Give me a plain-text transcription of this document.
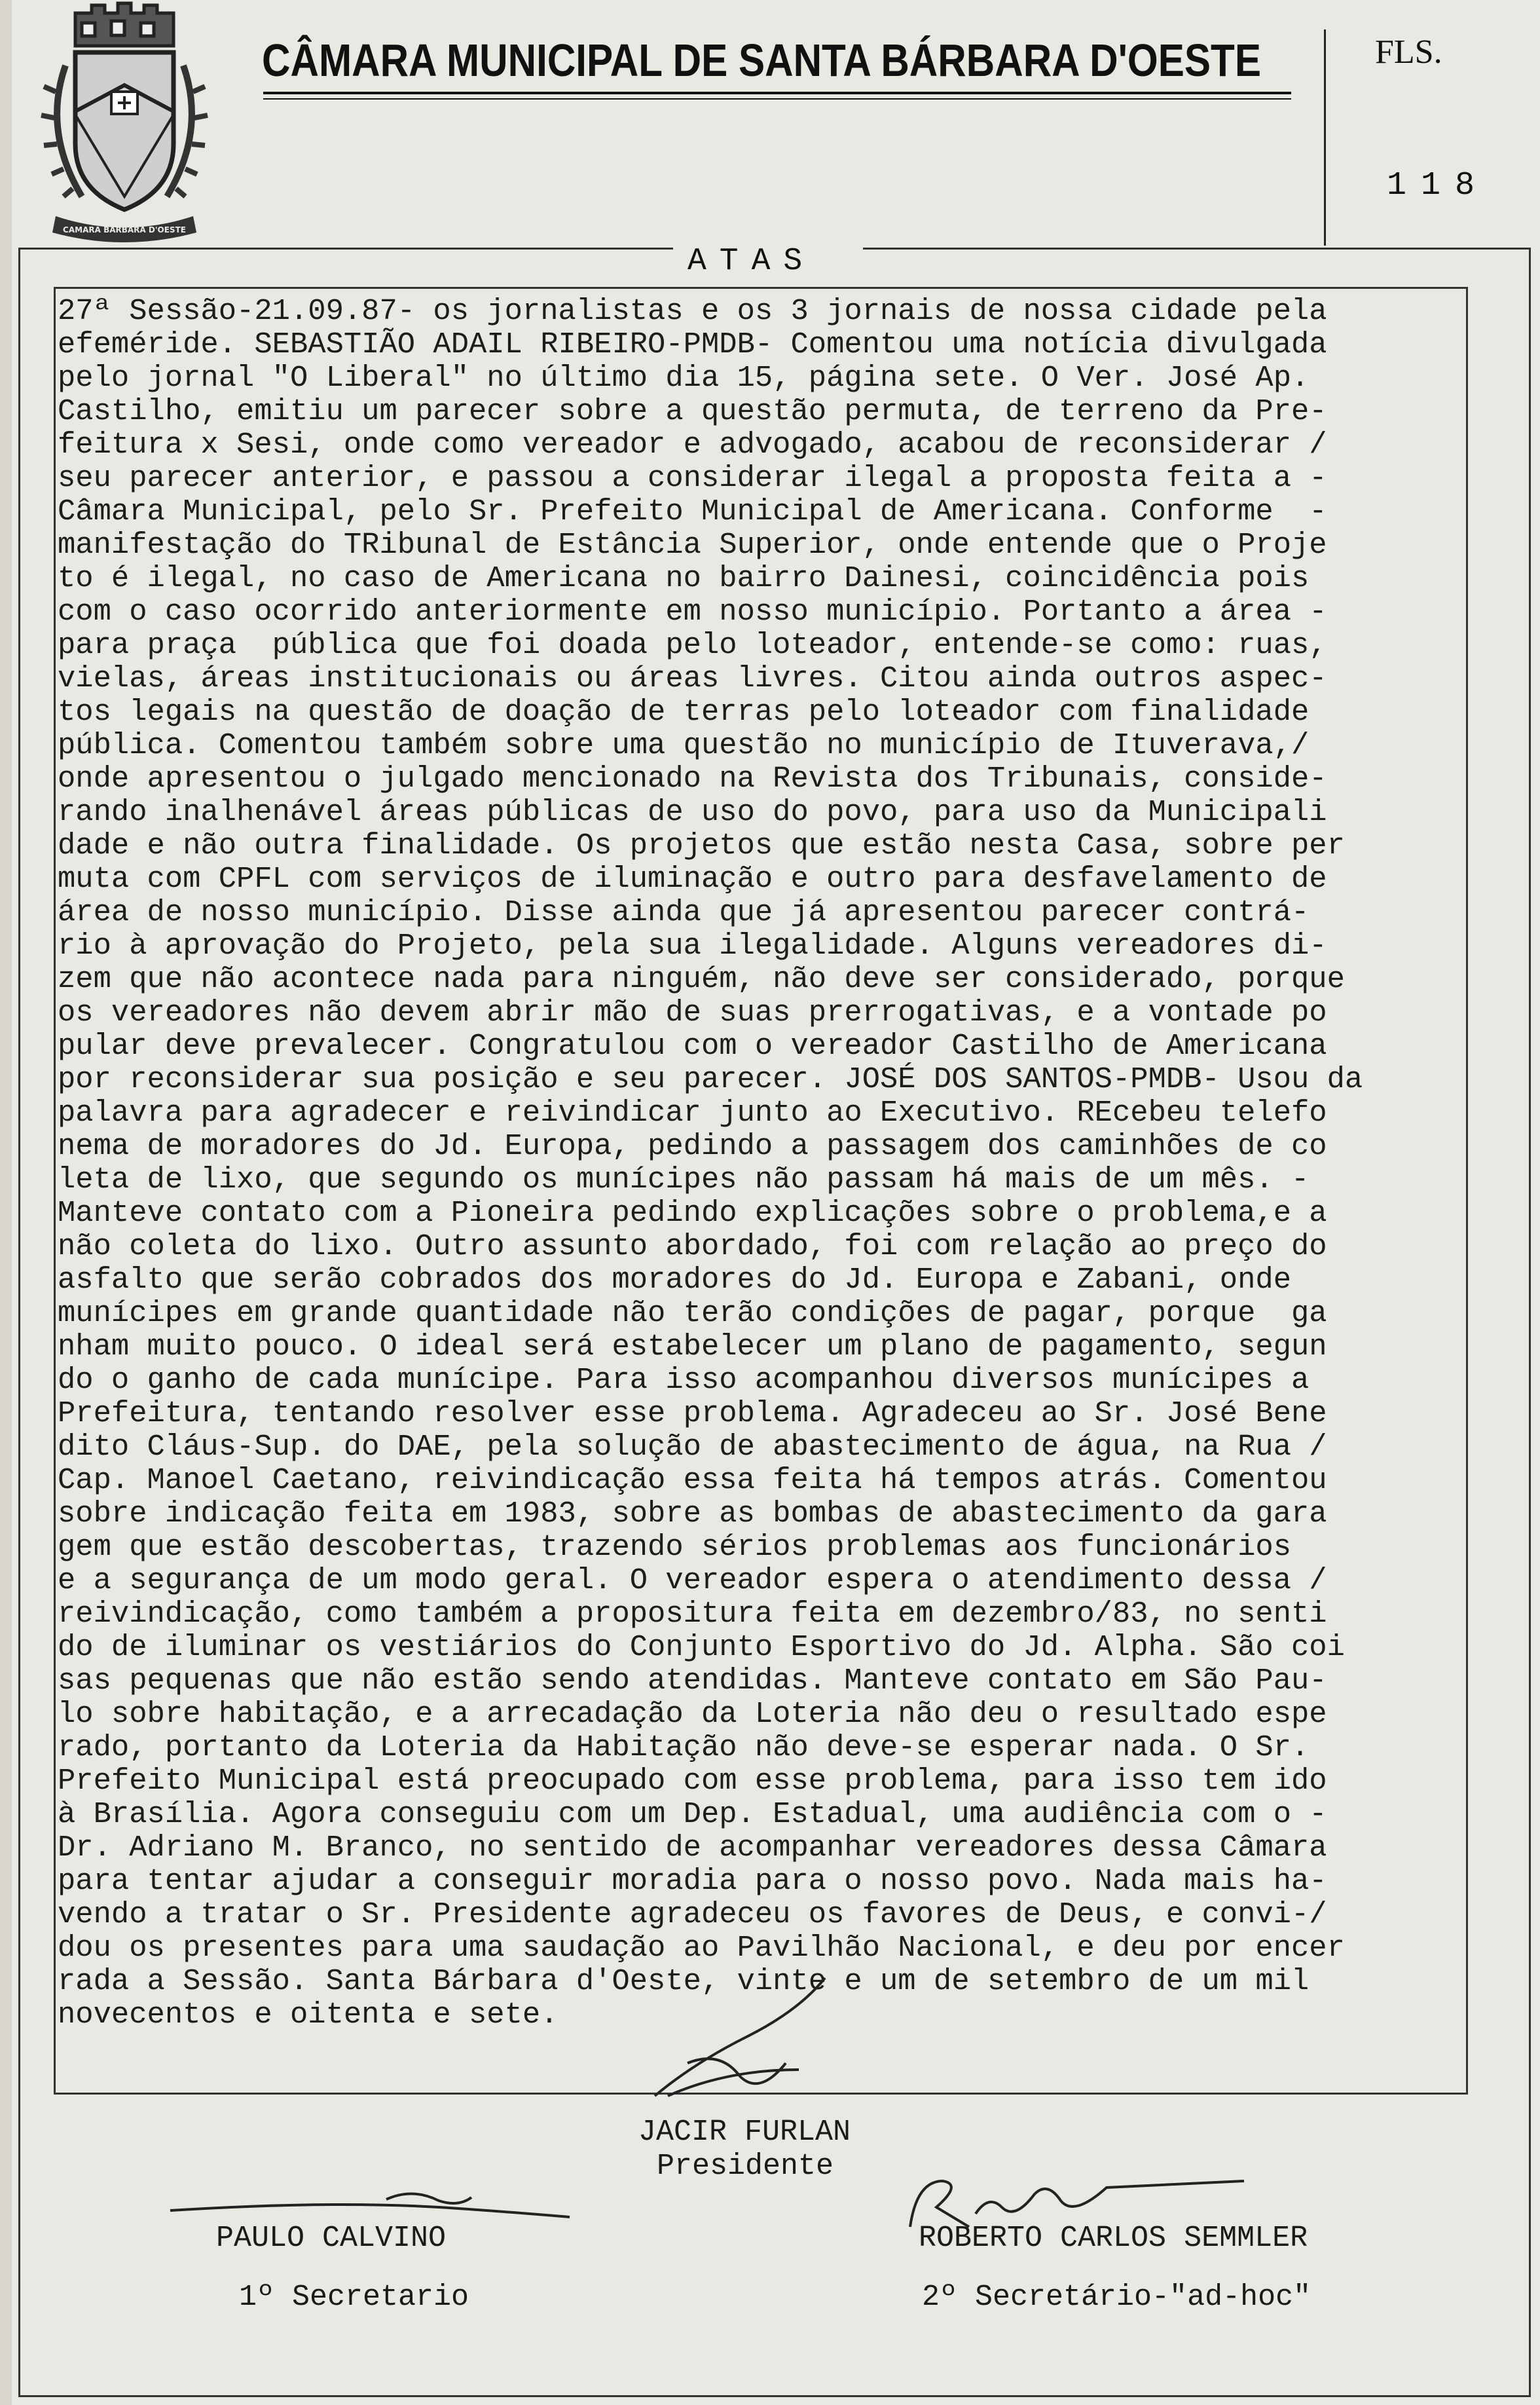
CAMARA BARBARA D'OESTE
CÂMARA MUNICIPAL DE SANTA BÁRBARA D'OESTE	FLS.
118
ATAS
27ª Sessão-21.09.87- os jornalistas e os 3 jornais de nossa cidade pela
efeméride. SEBASTIÃO ADAIL RIBEIRO-PMDB- Comentou uma notícia divulgada
pelo jornal "O Liberal" no último dia 15, página sete. O Ver. José Ap.
Castilho, emitiu um parecer sobre a questão permuta, de terreno da Pre-
feitura x Sesi, onde como vereador e advogado, acabou de reconsiderar /
seu parecer anterior, e passou a considerar ilegal a proposta feita a -
Câmara Municipal, pelo Sr. Prefeito Municipal de Americana. Conforme  -
manifestação do TRibunal de Estância Superior, onde entende que o Proje
to é ilegal, no caso de Americana no bairro Dainesi, coincidência pois
com o caso ocorrido anteriormente em nosso município. Portanto a área -
para praça  pública que foi doada pelo loteador, entende-se como: ruas,
vielas, áreas institucionais ou áreas livres. Citou ainda outros aspec-
tos legais na questão de doação de terras pelo loteador com finalidade
pública. Comentou também sobre uma questão no município de Ituverava,/
onde apresentou o julgado mencionado na Revista dos Tribunais, conside-
rando inalhenável áreas públicas de uso do povo, para uso da Municipali
dade e não outra finalidade. Os projetos que estão nesta Casa, sobre per
muta com CPFL com serviços de iluminação e outro para desfavelamento de
área de nosso município. Disse ainda que já apresentou parecer contrá-
rio à aprovação do Projeto, pela sua ilegalidade. Alguns vereadores di-
zem que não acontece nada para ninguém, não deve ser considerado, porque
os vereadores não devem abrir mão de suas prerrogativas, e a vontade po
pular deve prevalecer. Congratulou com o vereador Castilho de Americana
por reconsiderar sua posição e seu parecer. JOSÉ DOS SANTOS-PMDB- Usou da
palavra para agradecer e reivindicar junto ao Executivo. REcebeu telefo
nema de moradores do Jd. Europa, pedindo a passagem dos caminhões de co
leta de lixo, que segundo os munícipes não passam há mais de um mês. -
Manteve contato com a Pioneira pedindo explicações sobre o problema,e a
não coleta do lixo. Outro assunto abordado, foi com relação ao preço do
asfalto que serão cobrados dos moradores do Jd. Europa e Zabani, onde
munícipes em grande quantidade não terão condições de pagar, porque  ga
nham muito pouco. O ideal será estabelecer um plano de pagamento, segun
do o ganho de cada munícipe. Para isso acompanhou diversos munícipes a
Prefeitura, tentando resolver esse problema. Agradeceu ao Sr. José Bene
dito Cláus-Sup. do DAE, pela solução de abastecimento de água, na Rua /
Cap. Manoel Caetano, reivindicação essa feita há tempos atrás. Comentou
sobre indicação feita em 1983, sobre as bombas de abastecimento da gara
gem que estão descobertas, trazendo sérios problemas aos funcionários
e a segurança de um modo geral. O vereador espera o atendimento dessa /
reivindicação, como também a propositura feita em dezembro/83, no senti
do de iluminar os vestiários do Conjunto Esportivo do Jd. Alpha. São coi
sas pequenas que não estão sendo atendidas. Manteve contato em São Pau-
lo sobre habitação, e a arrecadação da Loteria não deu o resultado espe
rado, portanto da Loteria da Habitação não deve-se esperar nada. O Sr.
Prefeito Municipal está preocupado com esse problema, para isso tem ido
à Brasília. Agora conseguiu com um Dep. Estadual, uma audiência com o -
Dr. Adriano M. Branco, no sentido de acompanhar vereadores dessa Câmara
para tentar ajudar a conseguir moradia para o nosso povo. Nada mais ha-
vendo a tratar o Sr. Presidente agradeceu os favores de Deus, e convi-/
dou os presentes para uma saudação ao Pavilhão Nacional, e deu por encer
rada a Sessão. Santa Bárbara d'Oeste, vinte e um de setembro de um mil
novecentos e oitenta e sete.
JACIR FURLAN
Presidente
PAULO CALVINO
1º Secretario
ROBERTO CARLOS SEMMLER
2º Secretário-"ad-hoc"
